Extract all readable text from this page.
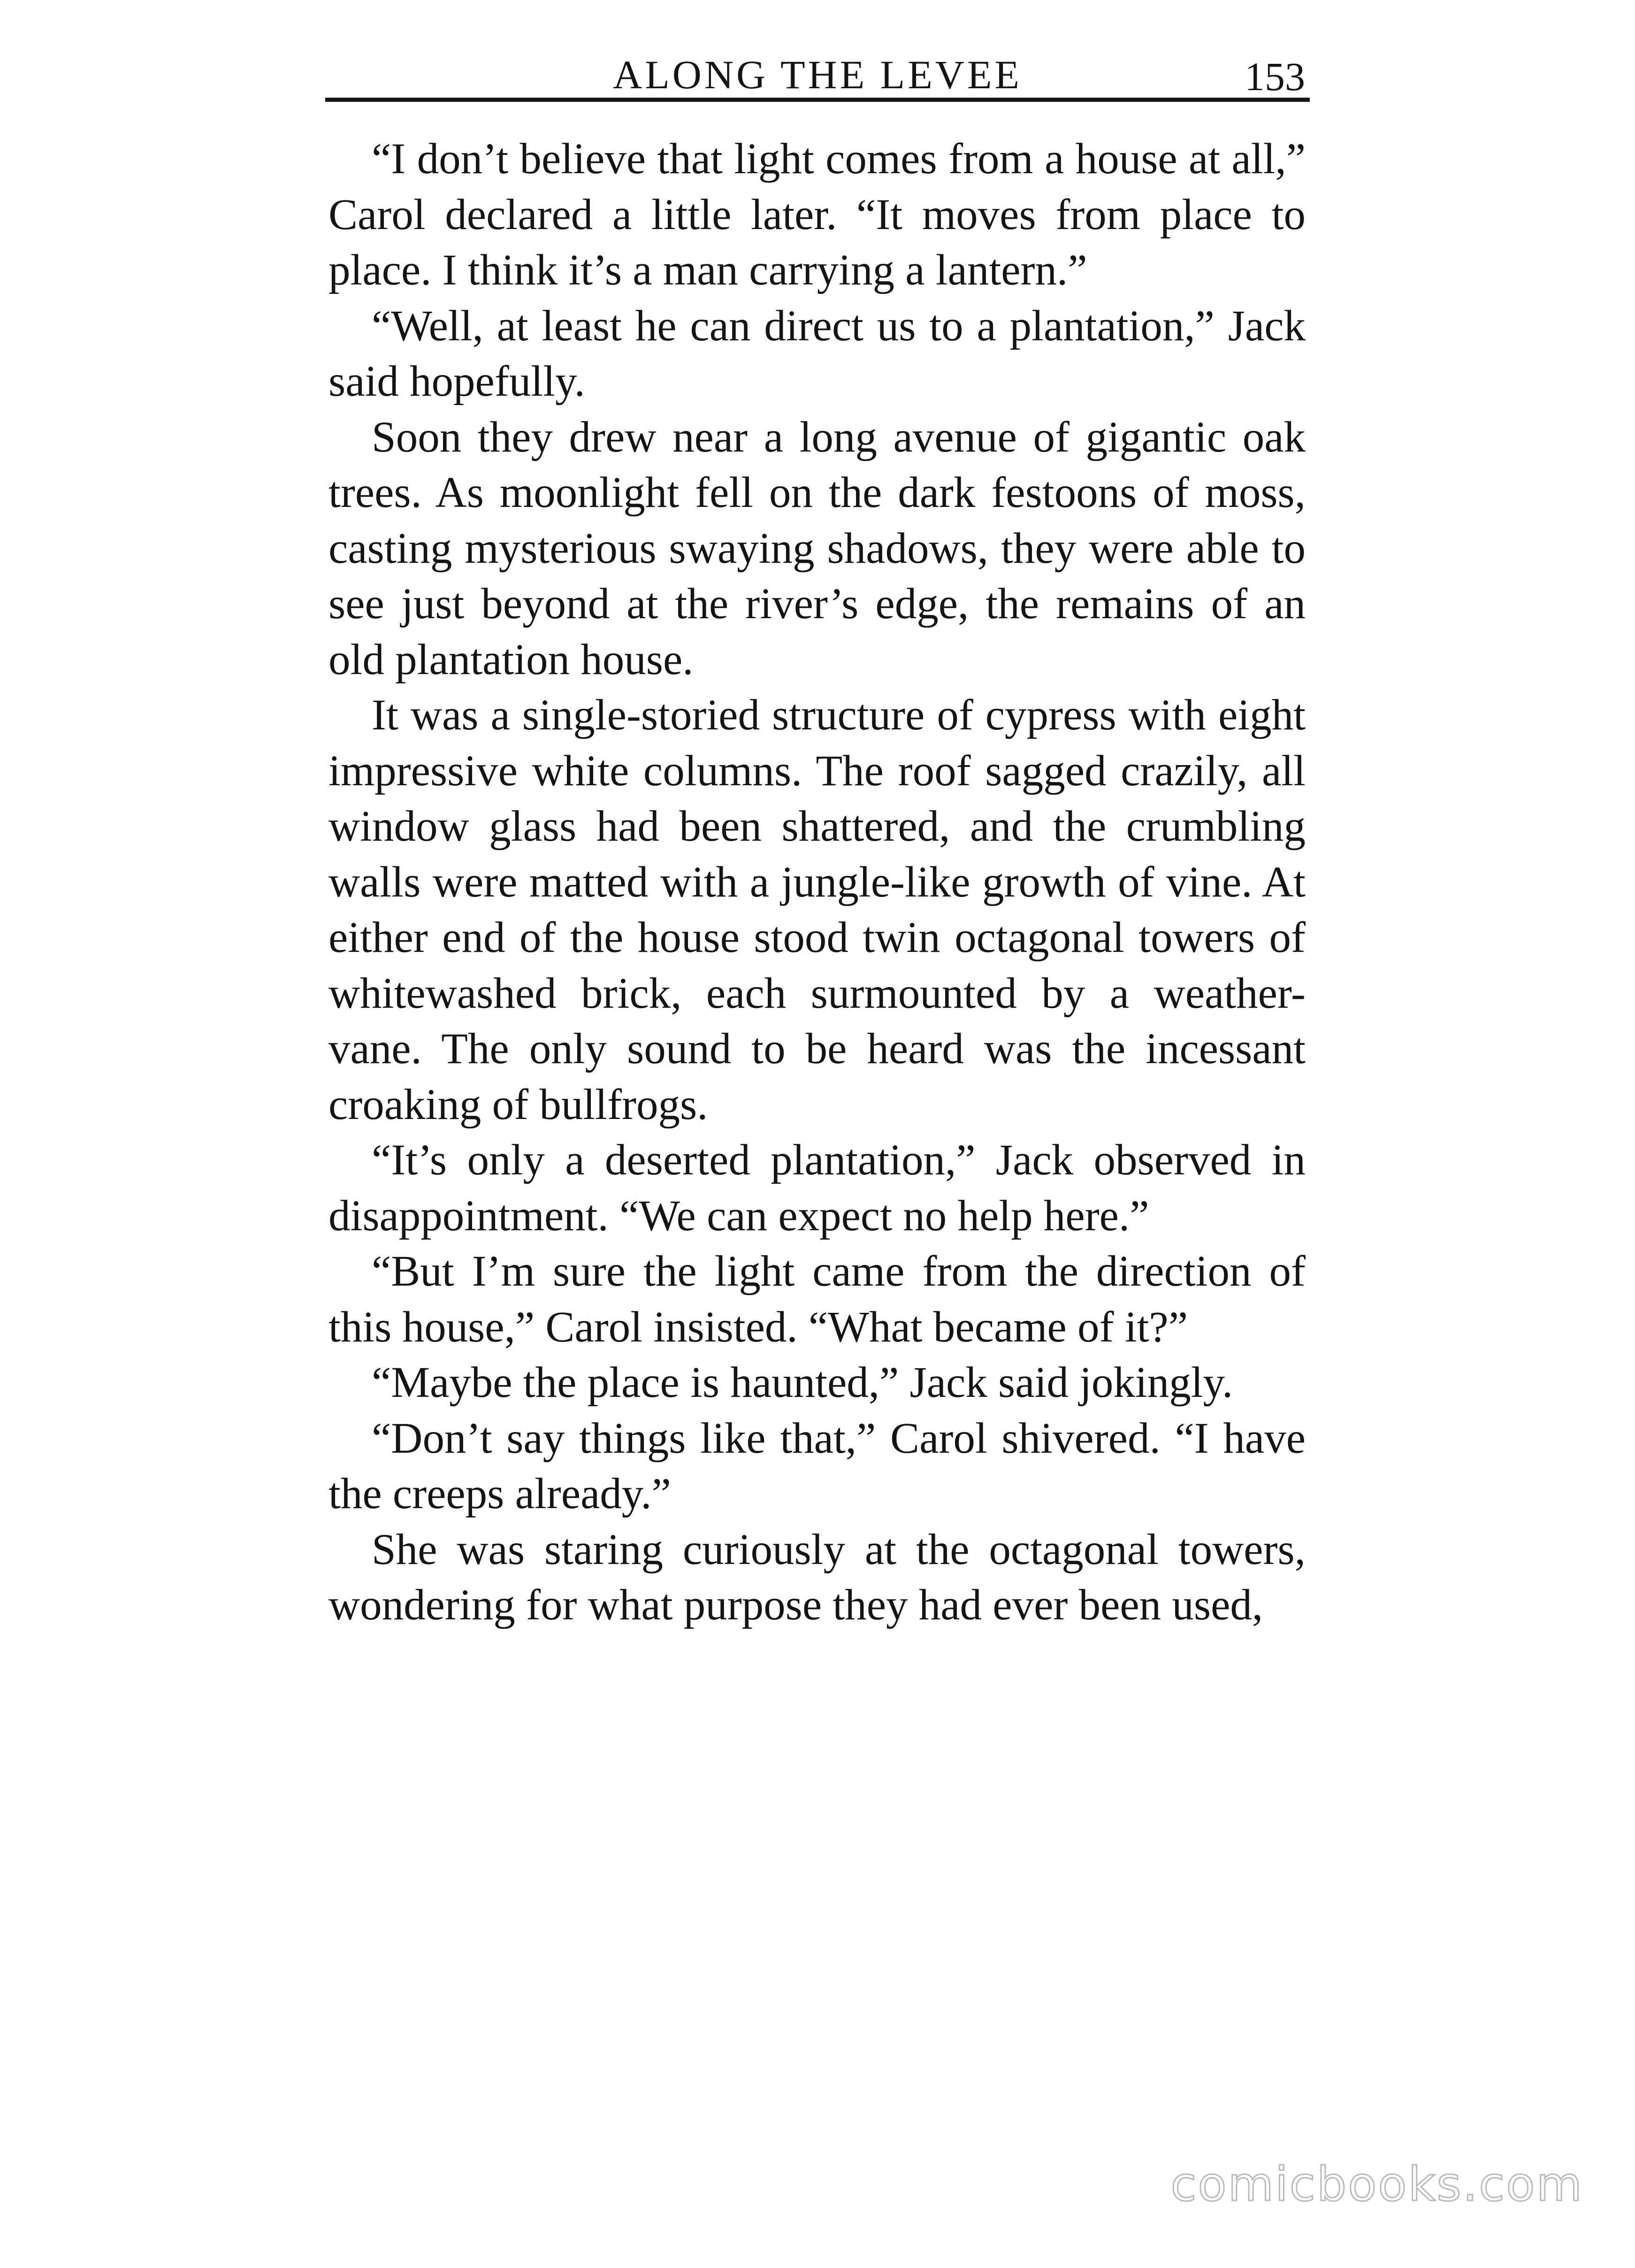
ALONG THE LEVEE	153

“I don’t believe that light comes from a house at all,” Carol declared a little later. “It moves from place to place. I think it’s a man carrying a lantern.”

“Well, at least he can direct us to a plantation,” Jack said hopefully.

Soon they drew near a long avenue of gigantic oak trees. As moonlight fell on the dark festoons of moss, casting mysterious swaying shadows, they were able to see just beyond at the river’s edge, the remains of an old plantation house.

It was a single-storied structure of cypress with eight impressive white columns. The roof sagged crazily, all window glass had been shattered, and the crumbling walls were matted with a jungle-like growth of vine. At either end of the house stood twin octagonal towers of whitewashed brick, each surmounted by a weather-vane. The only sound to be heard was the incessant croaking of bullfrogs.

“It’s only a deserted plantation,” Jack observed in disappointment. “We can expect no help here.”

“But I’m sure the light came from the direction of this house,” Carol insisted. “What became of it?”

“Maybe the place is haunted,” Jack said jokingly.

“Don’t say things like that,” Carol shivered. “I have the creeps already.”

She was staring curiously at the octagonal towers, wondering for what purpose they had ever been used,

comicbooks.com
